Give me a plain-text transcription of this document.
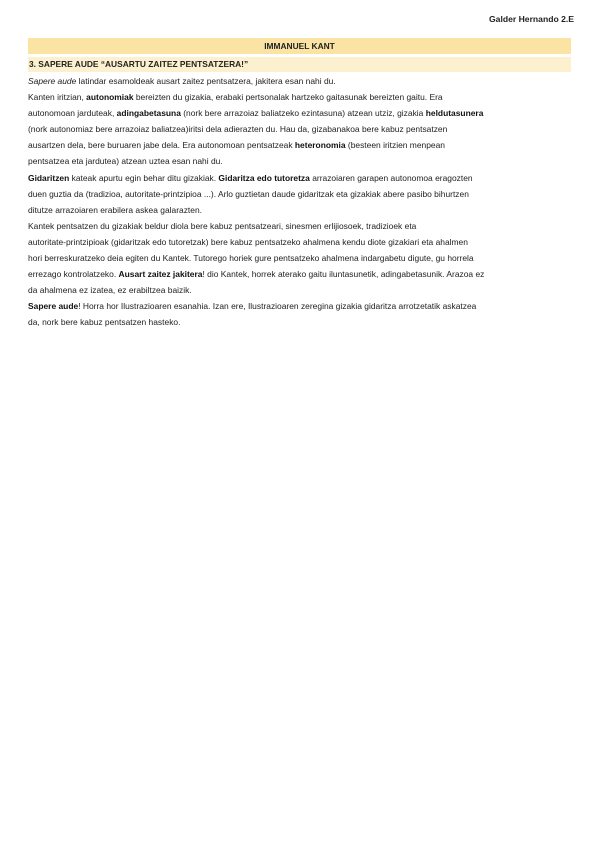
Galder Hernando 2.E
IMMANUEL KANT
3. SAPERE AUDE “AUSARTU ZAITEZ PENTSATZERA!”

Sapere aude latindar esamoldeak ausart zaitez pentsatzera, jakitera esan nahi du.

Kanten iritzian, autonomiak bereizten du gizakia, erabaki pertsonalak hartzeko gaitasunak bereizten gaitu. Era
autonomoan jarduteak, adingabetasuna (nork bere arrazoiaz baliatzeko ezintasuna) atzean utziz, gizakia heldutasunera
(nork autonomiaz bere arrazoiaz baliatzea)iritsi dela adierazten du. Hau da, gizabanakoa bere kabuz pentsatzen
ausartzen dela, bere buruaren jabe dela. Era autonomoan pentsatzeak heteronomia (besteen iritzien menpean
pentsatzea eta jardutea) atzean uztea esan nahi du.

Gidaritzen kateak apurtu egin behar ditu gizakiak. Gidaritza edo tutoretza arrazoiaren garapen autonomoa eragozten
duen guztia da (tradizioa, autoritate-printzipioa ...). Arlo guztietan daude gidaritzak eta gizakiak abere pasibo bihurtzen
ditutze arrazoiaren erabilera askea galarazten.

Kantek pentsatzen du gizakiak beldur diola bere kabuz pentsatzeari, sinesmen erlijiosoek, tradizioek eta
autoritate-printzipioak (gidaritzak edo tutoretzak) bere kabuz pentsatzeko ahalmena kendu diote gizakiari eta ahalmen
hori berreskuratzeko deia egiten du Kantek. Tutorego horiek gure pentsatzeko ahalmena indargabetu digute, gu horrela
errezago kontrolatzeko. Ausart zaitez jakitera! dio Kantek, horrek aterako gaitu iluntasunetik, adingabetasunik. Arazoa ez
da ahalmena ez izatea, ez erabiltzea baizik.

Sapere aude! Horra hor Ilustrazioaren esanahia. Izan ere, Ilustrazioaren zeregina gizakia gidaritza arrotzetatik askatzea
da, nork bere kabuz pentsatzen hasteko.
